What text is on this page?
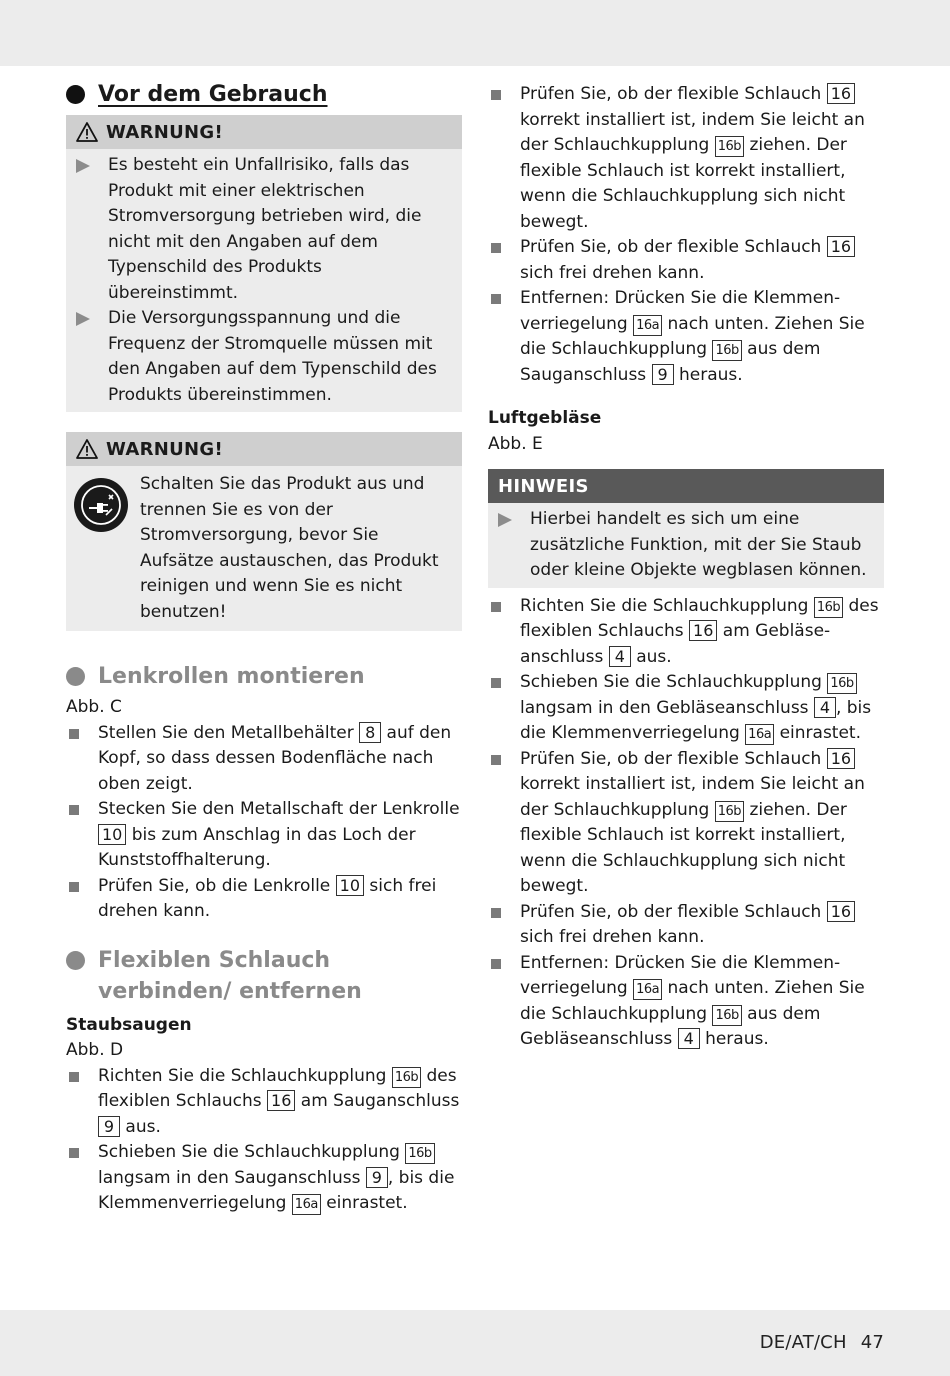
Vor dem Gebrauch
WARNUNG!
Es besteht ein Unfallrisiko, falls das Produkt mit einer elektrischen Stromversorgung betrieben wird, die nicht mit den Angaben auf dem Typenschild des Produkts übereinstimmt.
Die Versorgungsspannung und die Frequenz der Stromquelle müssen mit den Angaben auf dem Typenschild des Produkts übereinstimmen.
WARNUNG!

Schalten Sie das Produkt aus und trennen Sie es von der Stromversorgung, bevor Sie Aufsätze austauschen, das Produkt reinigen und wenn Sie es nicht benutzen!

Lenkrollen montieren

Abb. C

Stellen Sie den Metallbehälter 8 auf den Kopf, so dass dessen Bodenfläche nach oben zeigt.
Stecken Sie den Metallschaft der Lenkrolle 10 bis zum Anschlag in das Loch der Kunststoffhalterung.
Prüfen Sie, ob die Lenkrolle 10 sich frei drehen kann.
Flexiblen Schlauch verbinden/ entfernen

Staubsaugen

Abb. D

Richten Sie die Schlauchkupplung 16b des flexiblen Schlauchs 16 am Sauganschluss 9 aus.
Schieben Sie die Schlauchkupplung 16b langsam in den Sauganschluss 9 , bis die Klemmenverriegelung 16a einrastet.
Prüfen Sie, ob der flexible Schlauch 16 korrekt installiert ist, indem Sie leicht an der Schlauchkupplung 16b ziehen. Der flexible Schlauch ist korrekt installiert, wenn die Schlauchkupplung sich nicht bewegt.
Prüfen Sie, ob der flexible Schlauch 16 sich frei drehen kann.
Entfernen: Drücken Sie die Klemmenverriegelung 16a nach unten. Ziehen Sie die Schlauchkupplung 16b aus dem Sauganschluss 9 heraus.

Luftgebläse

Abb. E

HINWEIS
Hierbei handelt es sich um eine zusätzliche Funktion, mit der Sie Staub oder kleine Objekte wegblasen können.
Richten Sie die Schlauchkupplung 16b des flexiblen Schlauchs 16 am Gebläseanschluss 4 aus.
Schieben Sie die Schlauchkupplung 16b langsam in den Gebläseanschluss 4 , bis die Klemmenverriegelung 16a einrastet.
Prüfen Sie, ob der flexible Schlauch 16 korrekt installiert ist, indem Sie leicht an der Schlauchkupplung 16b ziehen. Der flexible Schlauch ist korrekt installiert, wenn die Schlauchkupplung sich nicht bewegt.
Prüfen Sie, ob der flexible Schlauch 16 sich frei drehen kann.
Entfernen: Drücken Sie die Klemmenverriegelung 16a nach unten. Ziehen Sie die Schlauchkupplung 16b aus dem Gebläseanschluss 4 heraus.
DE/AT/CH 47
